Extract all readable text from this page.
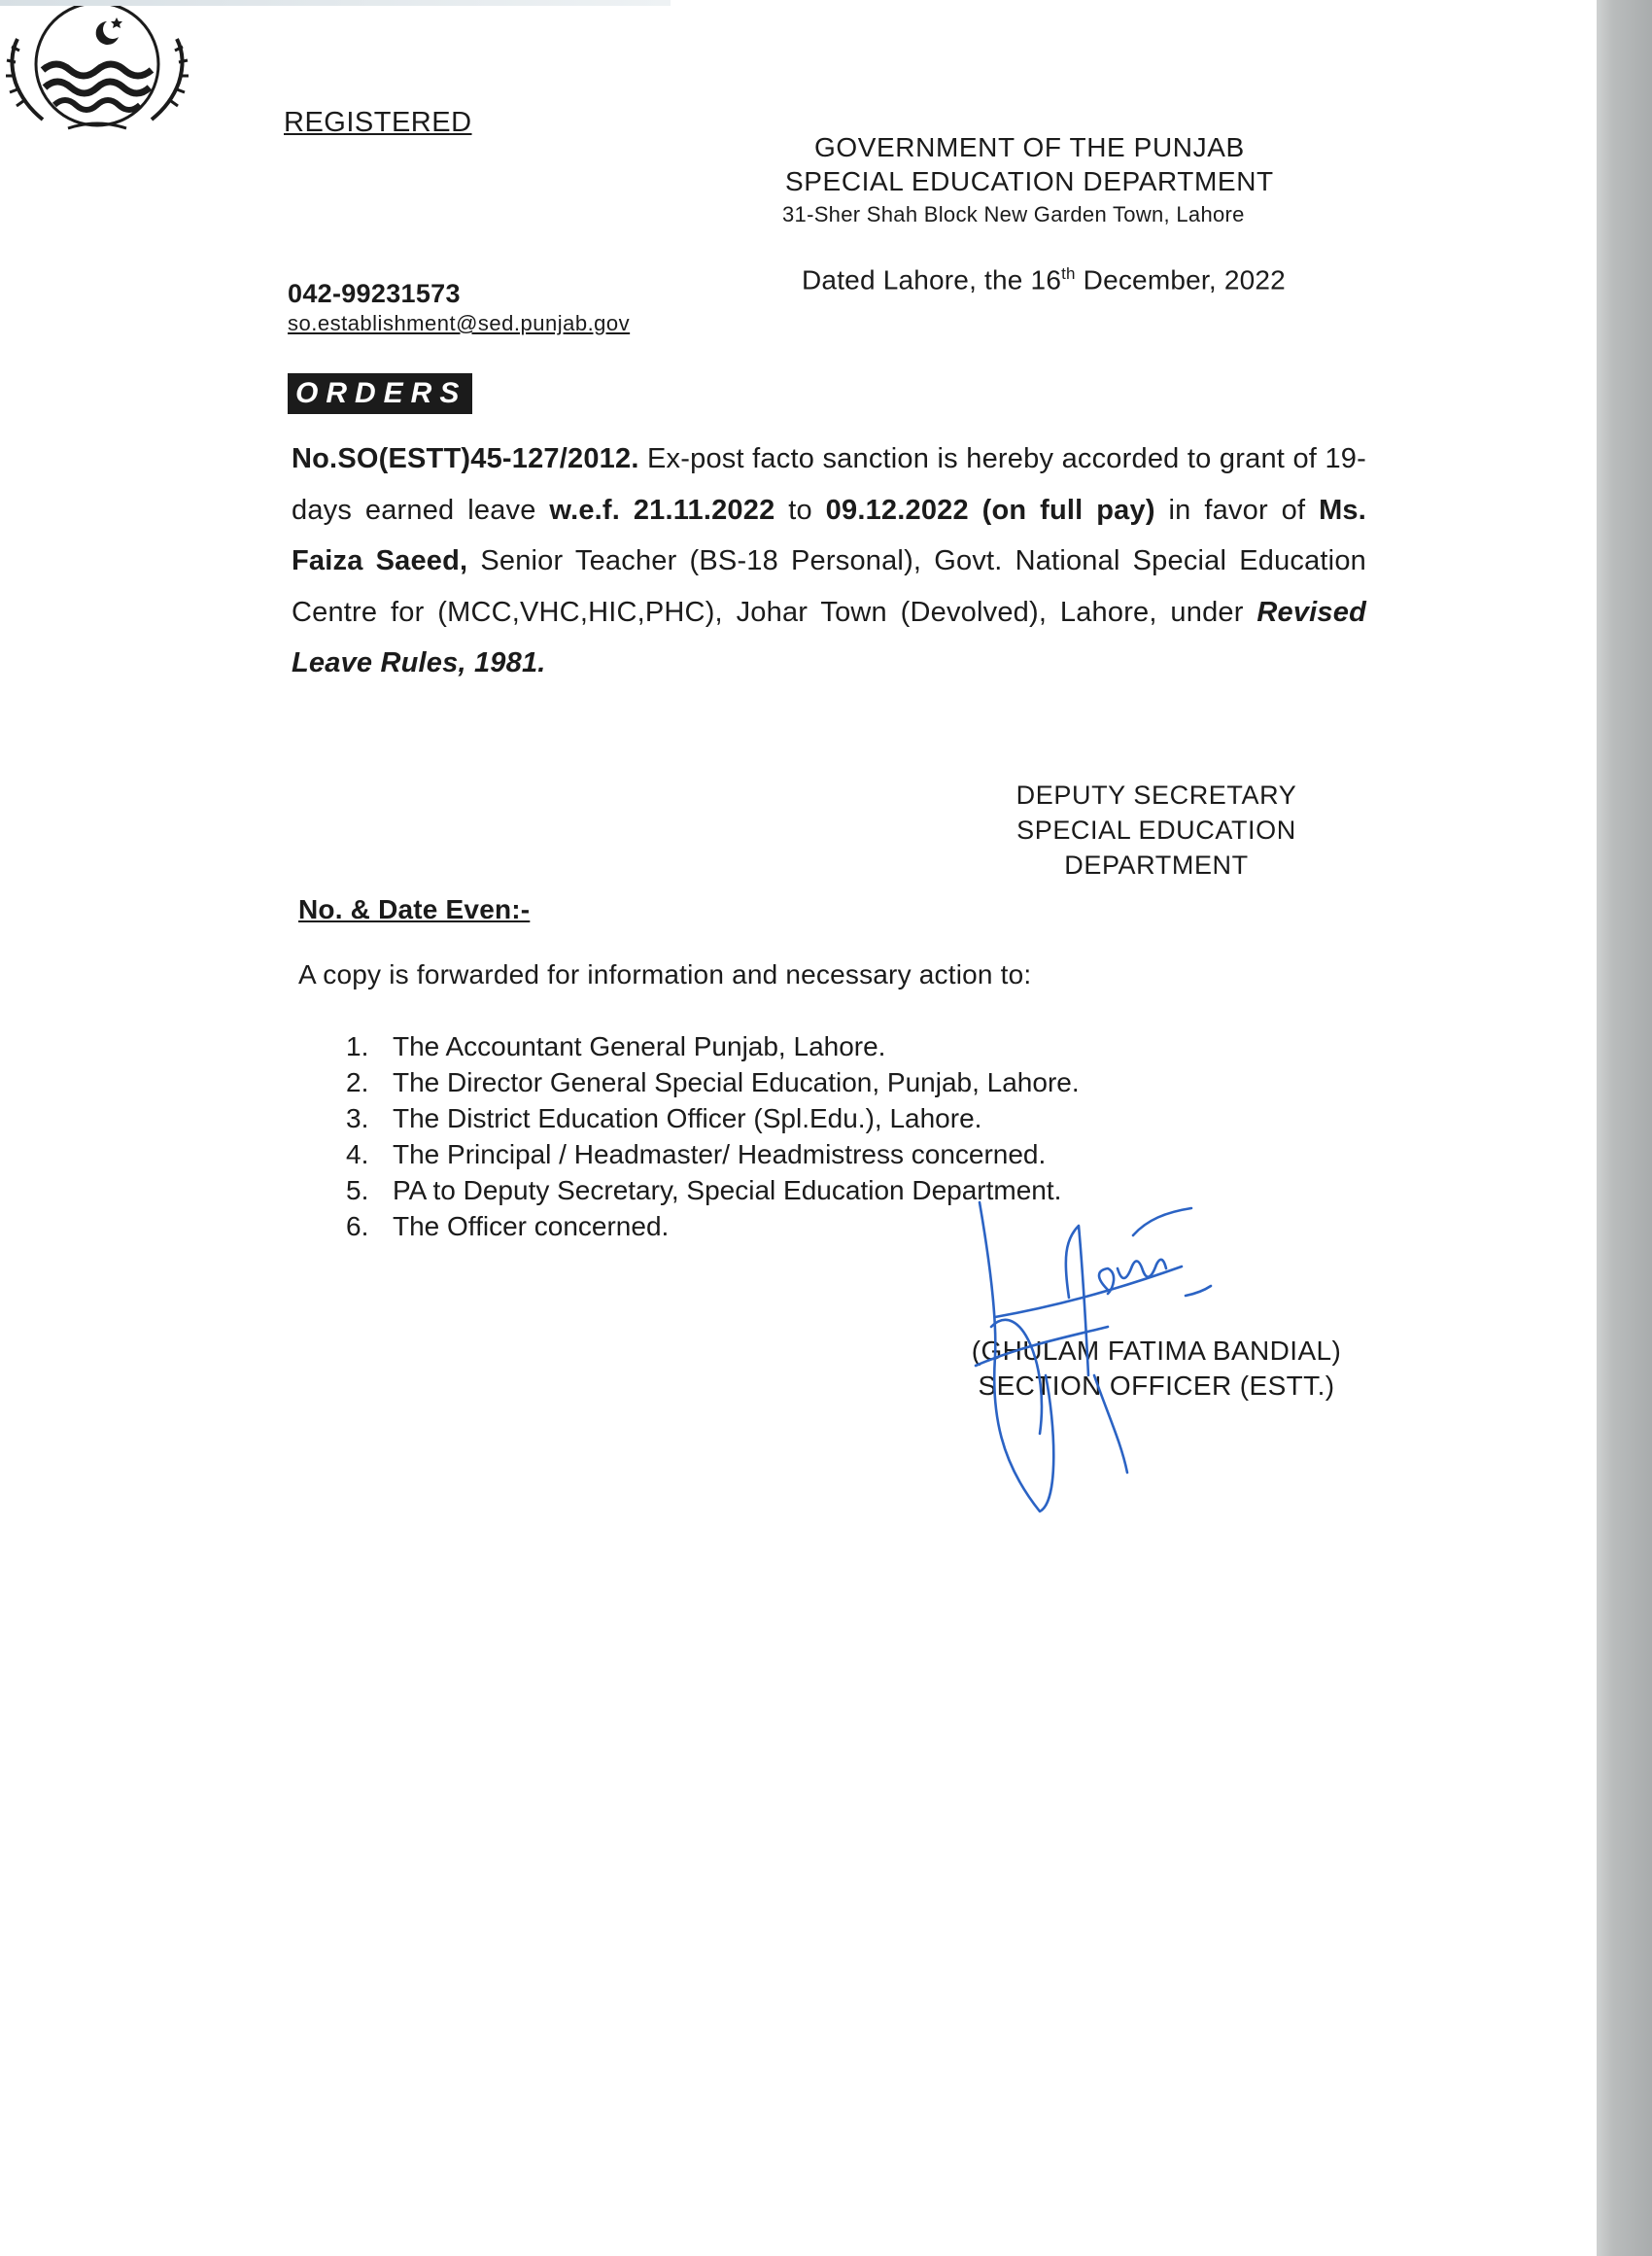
REGISTERED
042-99231573
so.establishment@sed.punjab.gov
GOVERNMENT OF THE PUNJAB
SPECIAL EDUCATION DEPARTMENT
31-Sher Shah Block New Garden Town, Lahore
Dated Lahore, the 16th December, 2022
ORDERS
No.SO(ESTT)45-127/2012. Ex-post facto sanction is hereby accorded to grant of 19-days earned leave w.e.f. 21.11.2022 to 09.12.2022 (on full pay) in favor of Ms. Faiza Saeed, Senior Teacher (BS-18 Personal), Govt. National Special Education Centre for (MCC,VHC,HIC,PHC), Johar Town (Devolved), Lahore, under Revised Leave Rules, 1981.
DEPUTY SECRETARY
SPECIAL EDUCATION
DEPARTMENT
No. & Date Even:-
A copy is forwarded for information and necessary action to:
1. The Accountant General Punjab, Lahore.
2. The Director General Special Education, Punjab, Lahore.
3. The District Education Officer (Spl.Edu.), Lahore.
4. The Principal / Headmaster/ Headmistress concerned.
5. PA to Deputy Secretary, Special Education Department.
6. The Officer concerned.
(GHULAM FATIMA BANDIAL)
SECTION OFFICER (ESTT.)
